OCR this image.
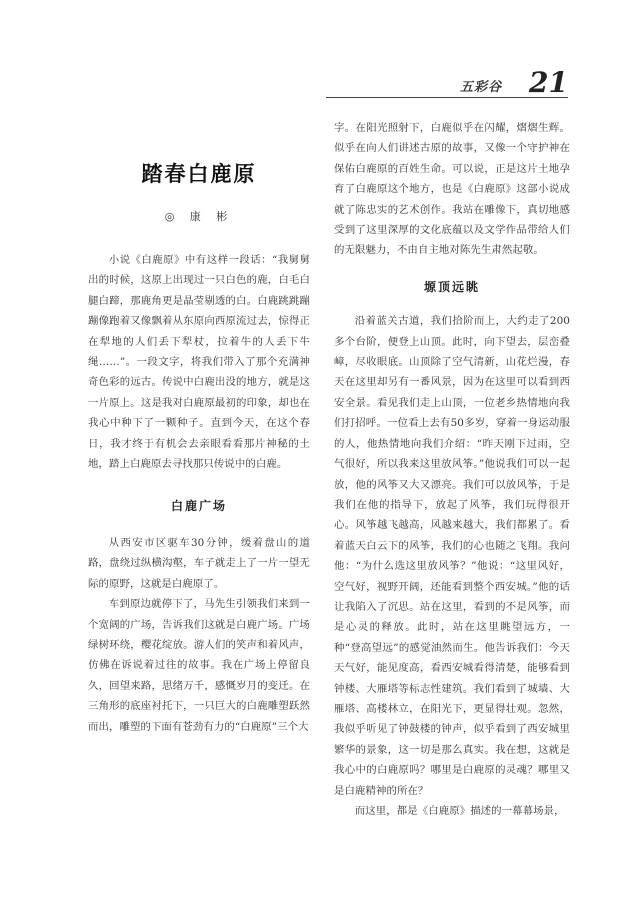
五彩谷 21
踏春白鹿原
◎ 康 彬

小说《白鹿原》中有这样一段话：“我舅舅出的时候，这原上出现过一只白色的鹿，白毛白腿白蹄，那鹿角更是晶莹剔透的白。白鹿跳跳蹦蹦像跑着又像飘着从东原向西原流过去，惊得正在犁地的人们丢下犁杖，拉着牛的人丢下牛绳……”。一段文字，将我们带入了那个充满神奇色彩的远古。传说中白鹿出没的地方，就是这一片原上。这是我对白鹿原最初的印象，却也在我心中种下了一颗种子。直到今天，在这个春日，我才终于有机会去亲眼看看那片神秘的土地，踏上白鹿原去寻找那只传说中的白鹿。

白鹿广场

从西安市区驱车30分钟，缓着盘山的道路，盘绕过纵横沟壑，车子就走上了一片一望无际的原野，这就是白鹿原了。

车到原边就停下了，马先生引领我们来到一个宽阔的广场，告诉我们这就是白鹿广场。广场绿树环绕，樱花绽放。游人们的笑声和着风声，仿佛在诉说着过往的故事。我在广场上停留良久，回望来路，思绪万千，感慨岁月的变迁。在三角形的底座衬托下，一只巨大的白鹿雕塑跃然而出，雕塑的下面有苍劲有力的“白鹿原”三个大

字。在阳光照射下，白鹿似乎在闪耀，熠熠生辉。似乎在向人们讲述古原的故事，又像一个守护神在保佑白鹿原的百姓生命。可以说，正是这片土地孕育了白鹿原这个地方，也是《白鹿原》这部小说成就了陈忠实的艺术创作。我站在雕像下，真切地感受到了这里深厚的文化底蕴以及文学作品带给人们的无限魅力，不由自主地对陈先生肃然起敬。

塬顶远眺

沿着蓝关古道，我们拾阶而上，大约走了200多个台阶，便登上山顶。此时，向下望去，层峦叠嶂，尽收眼底。山顶除了空气清新，山花烂漫，春天在这里却另有一番风景，因为在这里可以看到西安全景。看见我们走上山顶，一位老乡热情地向我们打招呼。一位看上去有50多岁，穿着一身运动服的人，他热情地向我们介绍：“昨天刚下过雨，空气很好，所以我来这里放风筝。”他说我们可以一起放，他的风筝又大又漂亮。我们可以放风筝，于是我们在他的指导下，放起了风筝，我们玩得很开心。风筝越飞越高，风越来越大，我们都累了。看着蓝天白云下的风筝，我们的心也随之飞翔。我问他：“为什么选这里放风筝？”他说：“这里风好，空气好，视野开阔，还能看到整个西安城。”他的话让我陷入了沉思。站在这里，看到的不是风筝，而是心灵的释放。此时，站在这里眺望远方，一种“登高望远”的感觉油然而生。他告诉我们：今天天气好，能见度高，看西安城看得清楚，能够看到钟楼、大雁塔等标志性建筑。我们看到了城墙、大雁塔、高楼林立，在阳光下，更显得壮观。忽然，我似乎听见了钟鼓楼的钟声，似乎看到了西安城里繁华的景象，这一切是那么真实。我在想，这就是我心中的白鹿原吗？哪里是白鹿原的灵魂？哪里又是白鹿精神的所在？

而这里，都是《白鹿原》描述的一幕幕场景，
